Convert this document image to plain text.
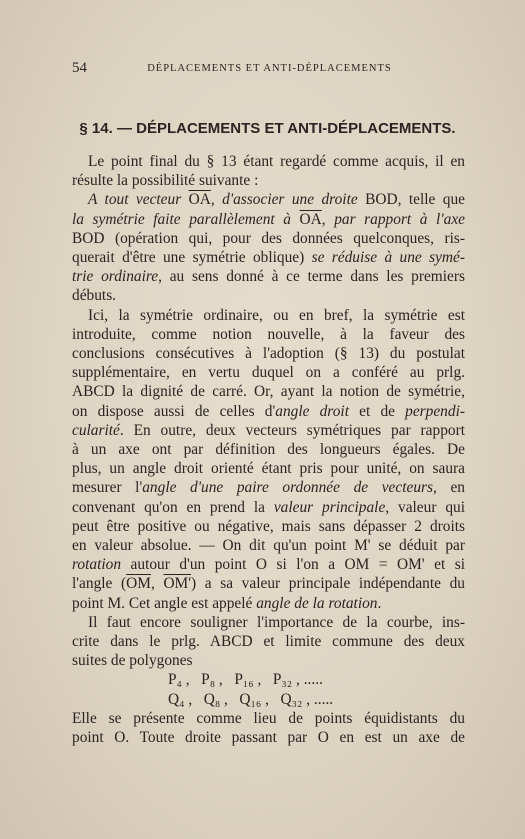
54	DÉPLACEMENTS ET ANTI-DÉPLACEMENTS
§ 14. — DÉPLACEMENTS ET ANTI-DÉPLACEMENTS.
Le point final du § 13 étant regardé comme acquis, il en
résulte la possibilité suivante :
A tout vecteur $\overline{OA}$, d'associer une droite BOD, telle que
la symétrie faite parallèlement à $\overline{OA}$, par rapport à l'axe
BOD (opération qui, pour des données quelconques, ris-
querait d'être une symétrie oblique) se réduise à une symé-
trie ordinaire, au sens donné à ce terme dans les premiers
débuts.
Ici, la symétrie ordinaire, ou en bref, la symétrie est
introduite, comme notion nouvelle, à la faveur des
conclusions consécutives à l'adoption (§ 13) du postulat
supplémentaire, en vertu duquel on a conféré au prlg.
ABCD la dignité de carré. Or, ayant la notion de symétrie,
on dispose aussi de celles d'angle droit et de perpendi-
cularité. En outre, deux vecteurs symétriques par rapport
à un axe ont par définition des longueurs égales. De
plus, un angle droit orienté étant pris pour unité, on saura
mesurer l'angle d'une paire ordonnée de vecteurs, en
convenant qu'on en prend la valeur principale, valeur qui
peut être positive ou négative, mais sans dépasser 2 droits
en valeur absolue. — On dit qu'un point M' se déduit par
rotation autour d'un point O si l'on a OM = OM' et si
l'angle ($\overline{OM}$, OM') a sa valeur principale indépendante du
point M. Cet angle est appelé angle de la rotation.
Il faut encore souligner l'importance de la courbe, ins-
crite dans le prlg. ABCD et limite commune des deux
suites de polygones
P₄ ,   P₈ ,   P₁₆ ,   P₃₂ , .....
Q₄ ,   Q₈ ,   Q₁₆ ,   Q₃₂ , .....
Elle se présente comme lieu de points équidistants du
point O. Toute droite passant par O en est un axe de
